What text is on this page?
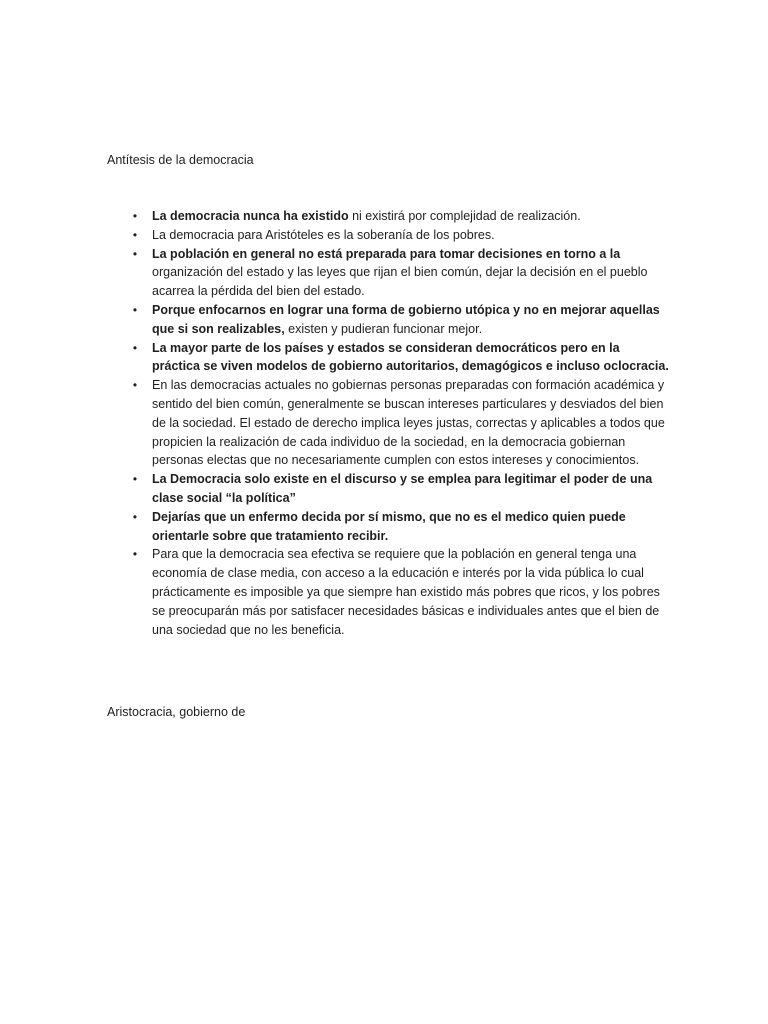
Antítesis de la democracia
• La democracia nunca ha existido ni existirá por complejidad de realización.
• La democracia para Aristóteles es la soberanía de los pobres.
• La población en general no está preparada para tomar decisiones en torno a la organización del estado y las leyes que rijan el bien común, dejar la decisión en el pueblo acarrea la pérdida del bien del estado.
• Porque enfocarnos en lograr una forma de gobierno utópica y no en mejorar aquellas que si son realizables, existen y pudieran funcionar mejor.
• La mayor parte de los países y estados se consideran democráticos pero en la práctica se viven modelos de gobierno autoritarios, demagógicos e incluso oclocracia.
• En las democracias actuales no gobiernas personas preparadas con formación académica y sentido del bien común, generalmente se buscan intereses particulares y desviados del bien de la sociedad. El estado de derecho implica leyes justas, correctas y aplicables a todos que propicien la realización de cada individuo de la sociedad, en la democracia gobiernan personas electas que no necesariamente cumplen con estos intereses y conocimientos.
• La Democracia solo existe en el discurso y se emplea para legitimar el poder de una clase social “la política”
• Dejarías que un enfermo decida por sí mismo, que no es el medico quien puede orientarle sobre que tratamiento recibir.
• Para que la democracia sea efectiva se requiere que la población en general tenga una economía de clase media, con acceso a la educación e interés por la vida pública lo cual prácticamente es imposible ya que siempre han existido más pobres que ricos, y los pobres se preocuparán más por satisfacer necesidades básicas e individuales antes que el bien de una sociedad que no les beneficia.
Aristocracia, gobierno de
